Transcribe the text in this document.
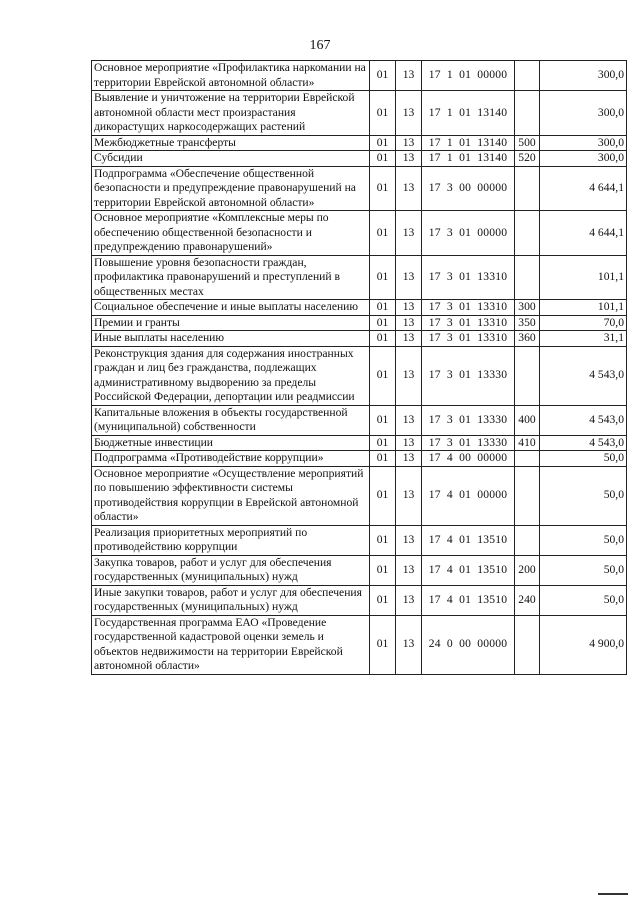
167
Основное мероприятие «Профилактика наркомании на территории Еврейской автономной области»	01	13	17  1  01  00000		300,0
Выявление и уничтожение на территории Еврейской автономной области мест произрастания дикорастущих наркосодержащих растений	01	13	17  1  01  13140		300,0
Межбюджетные трансферты	01	13	17  1  01  13140	500	300,0
Субсидии	01	13	17  1  01  13140	520	300,0
Подпрограмма «Обеспечение общественной безопасности и предупреждение правонарушений на территории Еврейской автономной области»	01	13	17  3  00  00000		4 644,1
Основное мероприятие «Комплексные меры по обеспечению общественной безопасности и предупреждению правонарушений»	01	13	17  3  01  00000		4 644,1
Повышение уровня безопасности граждан, профилактика правонарушений и преступлений в общественных местах	01	13	17  3  01  13310		101,1
Социальное обеспечение и иные выплаты населению	01	13	17  3  01  13310	300	101,1
Премии и гранты	01	13	17  3  01  13310	350	70,0
Иные выплаты населению	01	13	17  3  01  13310	360	31,1
Реконструкция здания для содержания иностранных граждан и лиц без гражданства, подлежащих административному выдворению за пределы Российской Федерации, депортации или реадмиссии	01	13	17  3  01  13330		4 543,0
Капитальные вложения в объекты государственной (муниципальной) собственности	01	13	17  3  01  13330	400	4 543,0
Бюджетные инвестиции	01	13	17  3  01  13330	410	4 543,0
Подпрограмма «Противодействие коррупции»	01	13	17  4  00  00000		50,0
Основное мероприятие «Осуществление мероприятий по повышению эффективности системы противодействия коррупции в Еврейской автономной области»	01	13	17  4  01  00000		50,0
Реализация приоритетных мероприятий по противодействию коррупции	01	13	17  4  01  13510		50,0
Закупка товаров, работ и услуг для обеспечения государственных (муниципальных) нужд	01	13	17  4  01  13510	200	50,0
Иные закупки товаров, работ и услуг для обеспечения государственных (муниципальных) нужд	01	13	17  4  01  13510	240	50,0
Государственная программа ЕАО «Проведение государственной кадастровой оценки земель и объектов недвижимости на территории Еврейской автономной области»	01	13	24  0  00  00000		4 900,0
